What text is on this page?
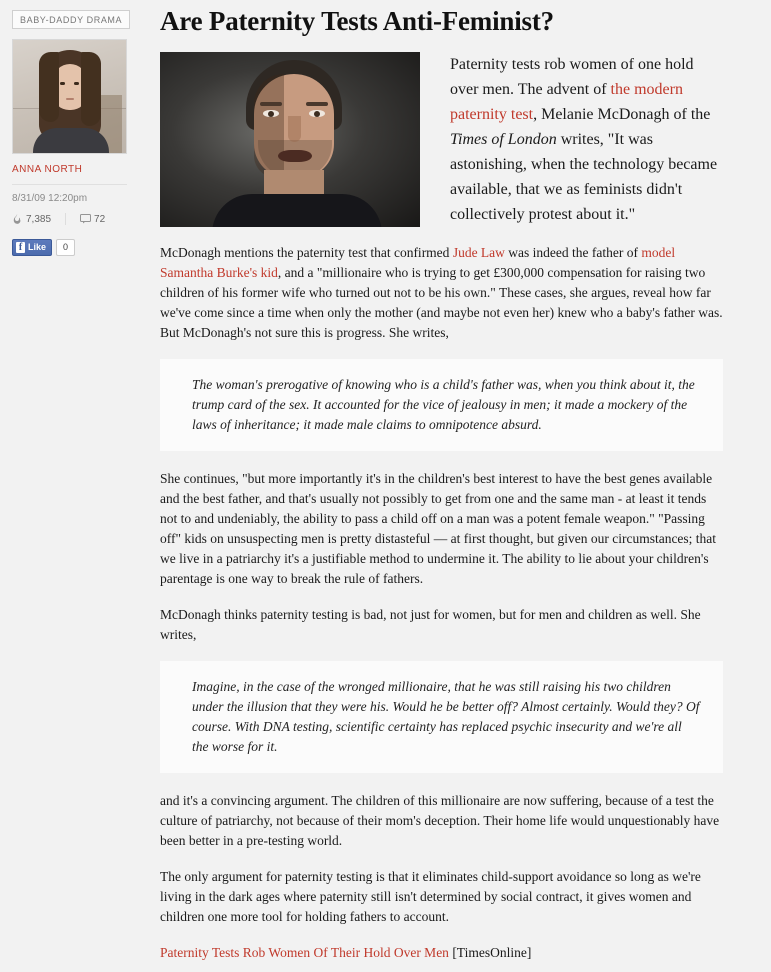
BABY-DADDY DRAMA
ANNA NORTH
8/31/09 12:20pm
7,385	72
f Like	0
Are Paternity Tests Anti-Feminist?
Paternity tests rob women of one hold over men. The advent of the modern paternity test, Melanie McDonagh of the Times of London writes, "It was astonishing, when the technology became available, that we as feminists didn't collectively protest about it."

McDonagh mentions the paternity test that confirmed Jude Law was indeed the father of model Samantha Burke's kid, and a "millionaire who is trying to get £300,000 compensation for raising two children of his former wife who turned out not to be his own." These cases, she argues, reveal how far we've come since a time when only the mother (and maybe not even her) knew who a baby's father was. But McDonagh's not sure this is progress. She writes,

The woman's prerogative of knowing who is a child's father was, when you think about it, the trump card of the sex. It accounted for the vice of jealousy in men; it made a mockery of the laws of inheritance; it made male claims to omnipotence absurd.

She continues, "but more importantly it's in the children's best interest to have the best genes available and the best father, and that's usually not possibly to get from one and the same man - at least it tends not to and undeniably, the ability to pass a child off on a man was a potent female weapon." "Passing off" kids on unsuspecting men is pretty distasteful — at first thought, but given our circumstances; that we live in a patriarchy it's a justifiable method to undermine it. The ability to lie about your children's parentage is one way to break the rule of fathers.

McDonagh thinks paternity testing is bad, not just for women, but for men and children as well. She writes,

Imagine, in the case of the wronged millionaire, that he was still raising his two children under the illusion that they were his. Would he be better off? Almost certainly. Would they? Of course. With DNA testing, scientific certainty has replaced psychic insecurity and we're all the worse for it.

and it's a convincing argument. The children of this millionaire are now suffering, because of a test the culture of patriarchy, not because of their mom's deception. Their home life would unquestionably have been better in a pre-testing world.

The only argument for paternity testing is that it eliminates child-support avoidance so long as we're living in the dark ages where paternity still isn't determined by social contract, it gives women and children one more tool for holding fathers to account.

Paternity Tests Rob Women Of Their Hold Over Men [TimesOnline]
